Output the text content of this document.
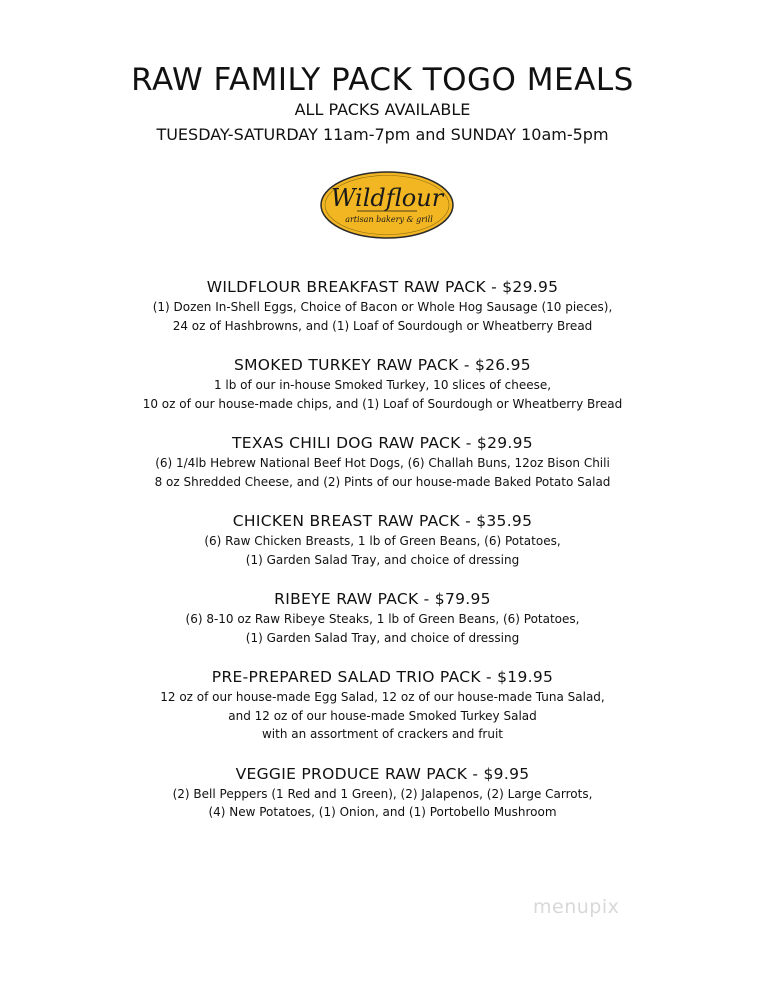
RAW FAMILY PACK TOGO MEALS

ALL PACKS AVAILABLE

TUESDAY-SATURDAY 11am-7pm and SUNDAY 10am-5pm

Wildflour
artisan bakery & grill

WILDFLOUR BREAKFAST RAW PACK - $29.95

(1) Dozen In-Shell Eggs, Choice of Bacon or Whole Hog Sausage (10 pieces),

24 oz of Hashbrowns, and (1) Loaf of Sourdough or Wheatberry Bread

SMOKED TURKEY RAW PACK - $26.95

1 lb of our in-house Smoked Turkey, 10 slices of cheese,

10 oz of our house-made chips, and (1) Loaf of Sourdough or Wheatberry Bread

TEXAS CHILI DOG RAW PACK - $29.95

(6) 1/4lb Hebrew National Beef Hot Dogs, (6) Challah Buns, 12oz Bison Chili

8 oz Shredded Cheese, and (2) Pints of our house-made Baked Potato Salad

CHICKEN BREAST RAW PACK - $35.95

(6) Raw Chicken Breasts, 1 lb of Green Beans, (6) Potatoes,

(1) Garden Salad Tray, and choice of dressing

RIBEYE RAW PACK - $79.95

(6) 8-10 oz Raw Ribeye Steaks, 1 lb of Green Beans, (6) Potatoes,

(1) Garden Salad Tray, and choice of dressing

PRE-PREPARED SALAD TRIO PACK - $19.95

12 oz of our house-made Egg Salad, 12 oz of our house-made Tuna Salad,

and 12 oz of our house-made Smoked Turkey Salad

with an assortment of crackers and fruit

VEGGIE PRODUCE RAW PACK - $9.95

(2) Bell Peppers (1 Red and 1 Green), (2) Jalapenos, (2) Large Carrots,

(4) New Potatoes, (1) Onion, and (1) Portobello Mushroom

menupix
